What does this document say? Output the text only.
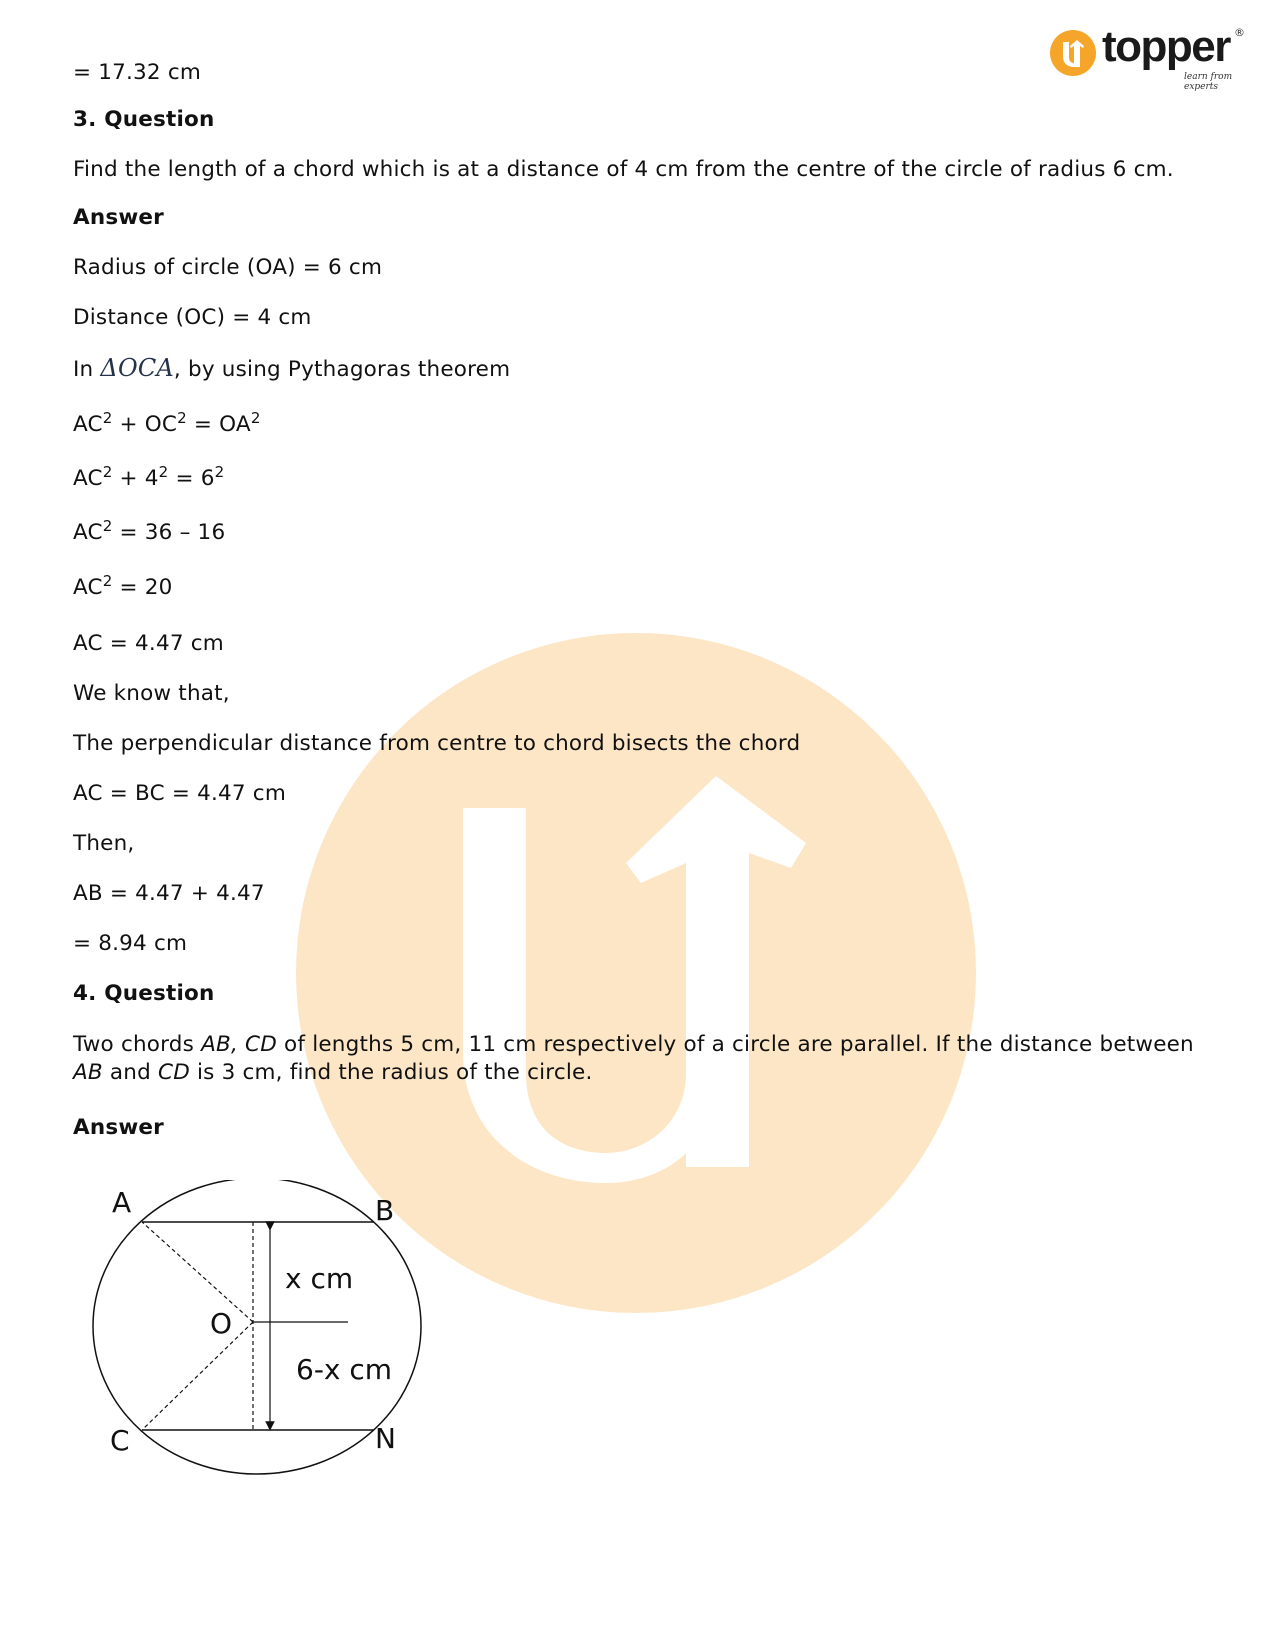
topper
learn from experts
®
= 17.32 cm
3. Question
Find the length of a chord which is at a distance of 4 cm from the centre of the circle of radius 6 cm.
Answer
Radius of circle (OA) = 6 cm
Distance (OC) = 4 cm
In ΔOCA, by using Pythagoras theorem
$AC^2 + OC^2 = OA^2$
$AC^2 + 4^2 = 6^2$
$AC^2 = 36 - 16$
$AC^2 = 20$
AC = 4.47 cm
We know that,
The perpendicular distance from centre to chord bisects the chord
AC = BC = 4.47 cm
Then,
AB = 4.47 + 4.47
= 8.94 cm
4. Question
Two chords AB, CD of lengths 5 cm, 11 cm respectively of a circle are parallel. If the distance between AB and CD is 3 cm, find the radius of the circle.
Answer
A	B
C	N
O
x cm
6-x cm
